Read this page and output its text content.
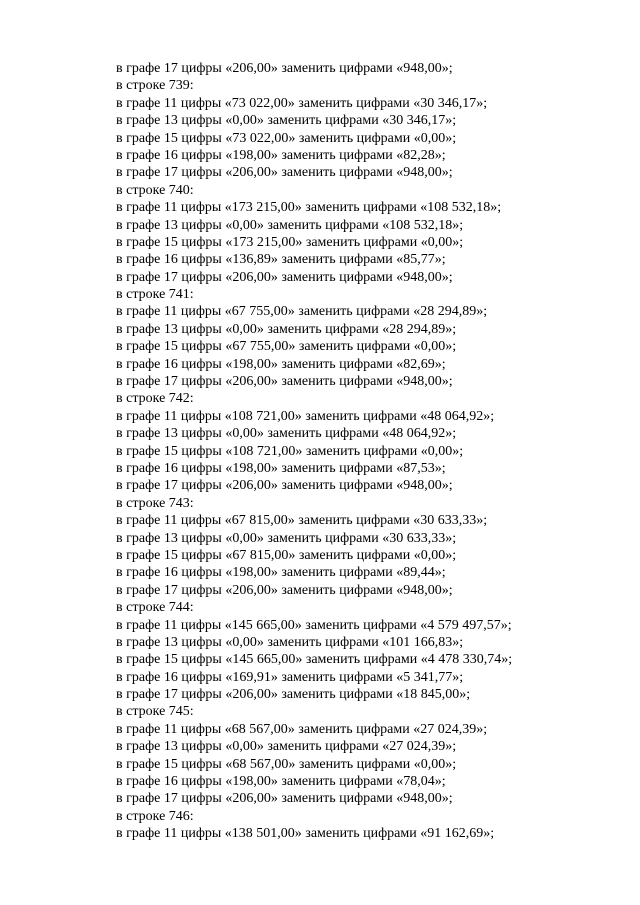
в графе 17 цифры «206,00» заменить цифрами «948,00»;
в строке 739:
в графе 11 цифры «73 022,00» заменить цифрами «30 346,17»;
в графе 13 цифры «0,00» заменить цифрами «30 346,17»;
в графе 15 цифры «73 022,00» заменить цифрами «0,00»;
в графе 16 цифры «198,00» заменить цифрами «82,28»;
в графе 17 цифры «206,00» заменить цифрами «948,00»;
в строке 740:
в графе 11 цифры «173 215,00» заменить цифрами «108 532,18»;
в графе 13 цифры «0,00» заменить цифрами «108 532,18»;
в графе 15 цифры «173 215,00» заменить цифрами «0,00»;
в графе 16 цифры «136,89» заменить цифрами «85,77»;
в графе 17 цифры «206,00» заменить цифрами «948,00»;
в строке 741:
в графе 11 цифры «67 755,00» заменить цифрами «28 294,89»;
в графе 13 цифры «0,00» заменить цифрами «28 294,89»;
в графе 15 цифры «67 755,00» заменить цифрами «0,00»;
в графе 16 цифры «198,00» заменить цифрами «82,69»;
в графе 17 цифры «206,00» заменить цифрами «948,00»;
в строке 742:
в графе 11 цифры «108 721,00» заменить цифрами «48 064,92»;
в графе 13 цифры «0,00» заменить цифрами «48 064,92»;
в графе 15 цифры «108 721,00» заменить цифрами «0,00»;
в графе 16 цифры «198,00» заменить цифрами «87,53»;
в графе 17 цифры «206,00» заменить цифрами «948,00»;
в строке 743:
в графе 11 цифры «67 815,00» заменить цифрами «30 633,33»;
в графе 13 цифры «0,00» заменить цифрами «30 633,33»;
в графе 15 цифры «67 815,00» заменить цифрами «0,00»;
в графе 16 цифры «198,00» заменить цифрами «89,44»;
в графе 17 цифры «206,00» заменить цифрами «948,00»;
в строке 744:
в графе 11 цифры «145 665,00» заменить цифрами «4 579 497,57»;
в графе 13 цифры «0,00» заменить цифрами «101 166,83»;
в графе 15 цифры «145 665,00» заменить цифрами «4 478 330,74»;
в графе 16 цифры «169,91» заменить цифрами «5 341,77»;
в графе 17 цифры «206,00» заменить цифрами «18 845,00»;
в строке 745:
в графе 11 цифры «68 567,00» заменить цифрами «27 024,39»;
в графе 13 цифры «0,00» заменить цифрами «27 024,39»;
в графе 15 цифры «68 567,00» заменить цифрами «0,00»;
в графе 16 цифры «198,00» заменить цифрами «78,04»;
в графе 17 цифры «206,00» заменить цифрами «948,00»;
в строке 746:
в графе 11 цифры «138 501,00» заменить цифрами «91 162,69»;
